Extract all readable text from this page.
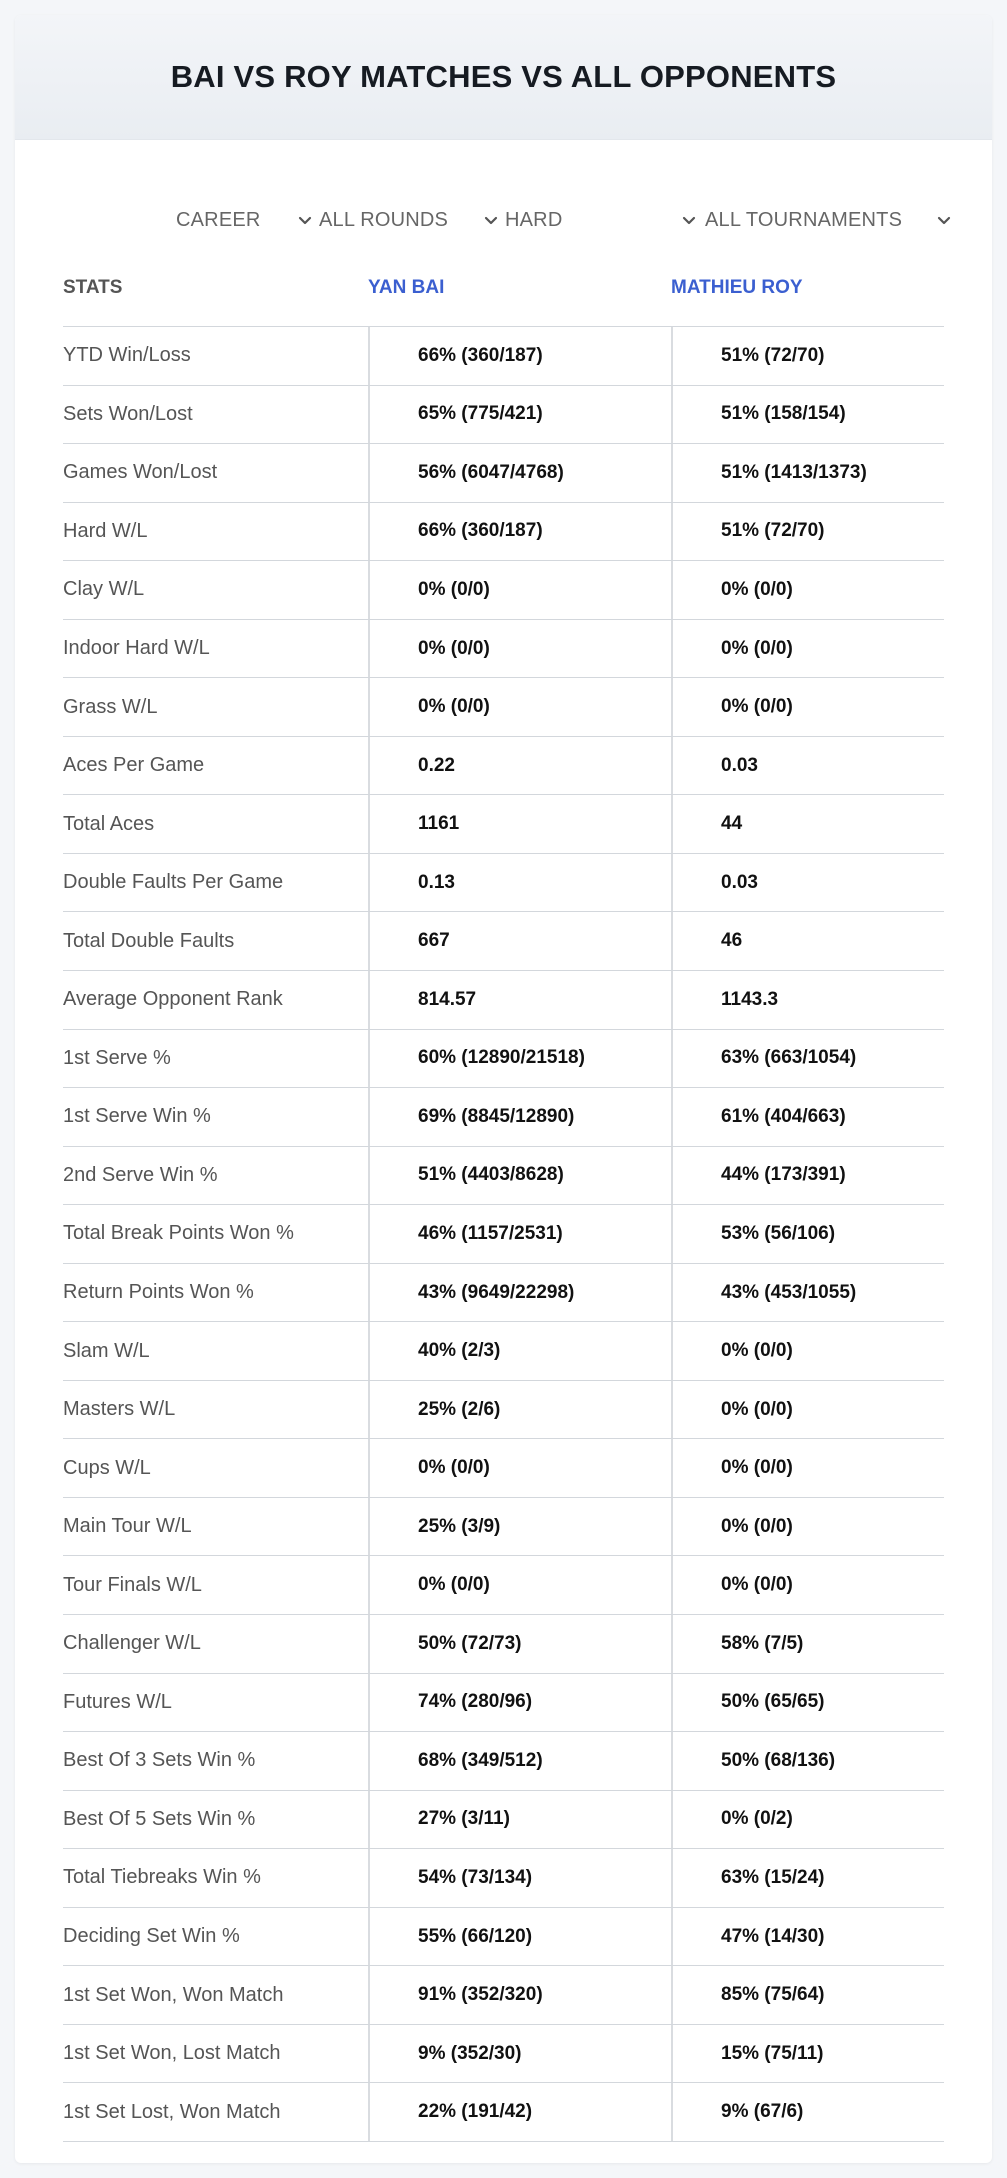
BAI VS ROY MATCHES VS ALL OPPONENTS
CAREER	ALL ROUNDS	HARD	ALL TOURNAMENTS
STATS	YAN BAI	MATHIEU ROY
YTD Win/Loss	66% (360/187)	51% (72/70)
Sets Won/Lost	65% (775/421)	51% (158/154)
Games Won/Lost	56% (6047/4768)	51% (1413/1373)
Hard W/L	66% (360/187)	51% (72/70)
Clay W/L	0% (0/0)	0% (0/0)
Indoor Hard W/L	0% (0/0)	0% (0/0)
Grass W/L	0% (0/0)	0% (0/0)
Aces Per Game	0.22	0.03
Total Aces	1161	44
Double Faults Per Game	0.13	0.03
Total Double Faults	667	46
Average Opponent Rank	814.57	1143.3
1st Serve %	60% (12890/21518)	63% (663/1054)
1st Serve Win %	69% (8845/12890)	61% (404/663)
2nd Serve Win %	51% (4403/8628)	44% (173/391)
Total Break Points Won %	46% (1157/2531)	53% (56/106)
Return Points Won %	43% (9649/22298)	43% (453/1055)
Slam W/L	40% (2/3)	0% (0/0)
Masters W/L	25% (2/6)	0% (0/0)
Cups W/L	0% (0/0)	0% (0/0)
Main Tour W/L	25% (3/9)	0% (0/0)
Tour Finals W/L	0% (0/0)	0% (0/0)
Challenger W/L	50% (72/73)	58% (7/5)
Futures W/L	74% (280/96)	50% (65/65)
Best Of 3 Sets Win %	68% (349/512)	50% (68/136)
Best Of 5 Sets Win %	27% (3/11)	0% (0/2)
Total Tiebreaks Win %	54% (73/134)	63% (15/24)
Deciding Set Win %	55% (66/120)	47% (14/30)
1st Set Won, Won Match	91% (352/320)	85% (75/64)
1st Set Won, Lost Match	9% (352/30)	15% (75/11)
1st Set Lost, Won Match	22% (191/42)	9% (67/6)
